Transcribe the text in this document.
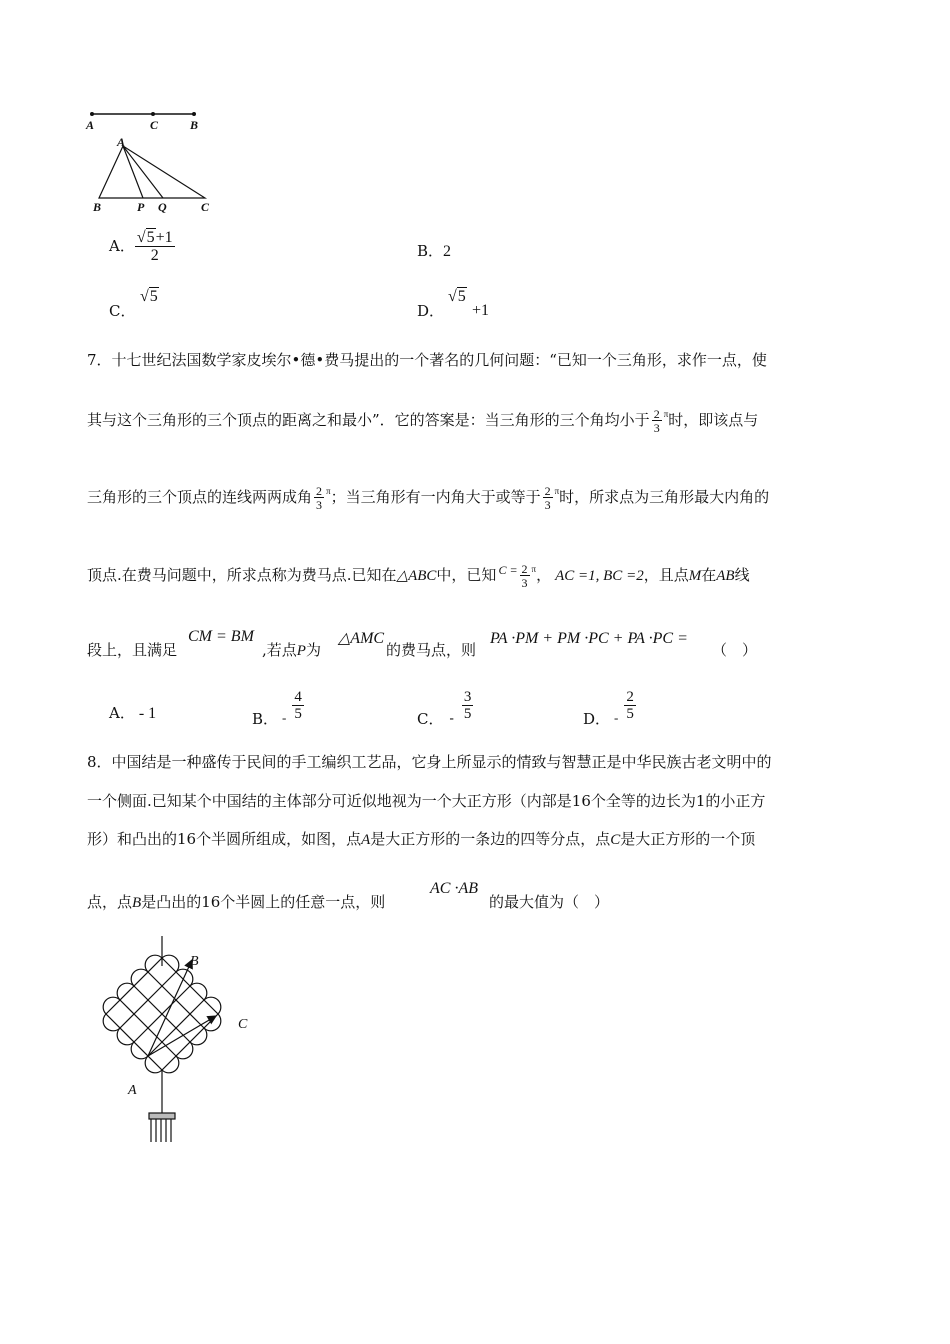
A	C	B
A
B	P Q	C
A． $\frac{√5+1}{2}$	B．2
C．
√5
D．
√5
+1
7．十七世纪法国数学家皮埃尔•德•费马提出的一个著名的几何问题：“已知一个三角形，求作一点，使
其与这个三角形的三个顶点的距离之和最小”．它的答案是：当三角形的三个角均小于 $\frac{2}{3} ^\pi$时，即该点与
三角形的三个顶点的连线两两成角 $\frac{2}{3} ^\pi$；当三角形有一内角大于或等于 $\frac{2}{3} ^\pi$时，所求点为三角形最大内角的
顶点.在费马问题中，所求点称为费马点.已知在△ABC中，已知 $^{C =} \frac{2}{3} ^\pi$， AC =1, BC =2，且点M在AB线
段上，且满足
CM = BM
,若点P为
△AMC
的费马点，则
PA ·PM + PM ·PC + PA ·PC =
（　）
A． - 1	B． - $\frac{4}{5}$	C． - $\frac{3}{5}$	D． - $\frac{2}{5}$
8．中国结是一种盛传于民间的手工编织工艺品，它身上所显示的情致与智慧正是中华民族古老文明中的
一个侧面.已知某个中国结的主体部分可近似地视为一个大正方形（内部是16个全等的边长为1的小正方
形）和凸出的16个半圆所组成，如图，点A是大正方形的一条边的四等分点，点C是大正方形的一个顶
点，点B是凸出的16个半圆上的任意一点，则
AC ·AB
的最大值为（　）
B
C
A
